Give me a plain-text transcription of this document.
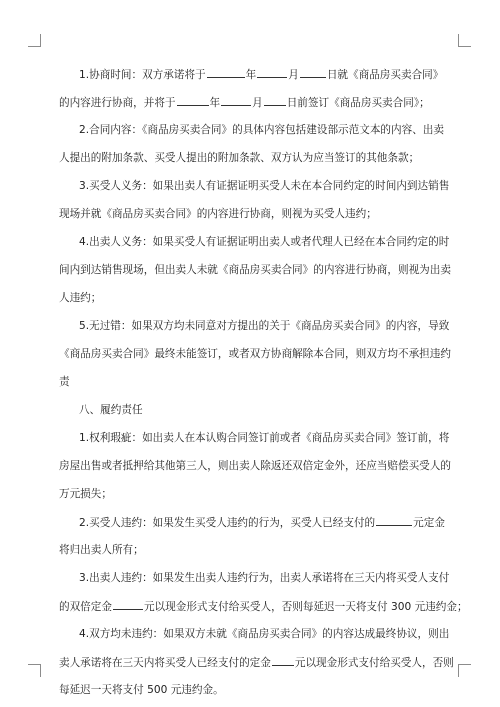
1.协商时间：双方承诺将于	年	月	日就《商品房买卖合同》
的内容进行协商，并将于	年	月 日前签订《商品房买卖合同》；
2.合同内容：《商品房买卖合同》的具体内容包括建设部示范文本的内容、出卖
人提出的附加条款、买受人提出的附加条款、双方认为应当签订的其他条款；
3.买受人义务：如果出卖人有证据证明买受人未在本合同约定的时间内到达销售
现场并就《商品房买卖合同》的内容进行协商，则视为买受人违约；
4.出卖人义务：如果买受人有证据证明出卖人或者代理人已经在本合同约定的时
间内到达销售现场，但出卖人未就《商品房买卖合同》的内容进行协商，则视为出卖
人违约；
5.无过错：如果双方均未同意对方提出的关于《商品房买卖合同》的内容，导致
《商品房买卖合同》最终未能签订，或者双方协商解除本合同，则双方均不承担违约
责
八、履约责任
1.权利瑕疵：如出卖人在本认购合同签订前或者《商品房买卖合同》签订前，将
房屋出售或者抵押给其他第三人，则出卖人除返还双倍定金外，还应当赔偿买受人的
万元损失；
2.买受人违约：如果发生买受人违约的行为，买受人已经支付的	元定金
将归出卖人所有；
3.出卖人违约：如果发生出卖人违约行为，出卖人承诺将在三天内将买受人支付
的双倍定金	元以现金形式支付给买受人，否则每延迟一天将支付 300 元违约金；
4.双方均未违约：如果双方未就《商品房买卖合同》的内容达成最终协议，则出
卖人承诺将在三天内将买受人已经支付的定金 元以现金形式支付给买受人，否则
每延迟一天将支付 500 元违约金。
